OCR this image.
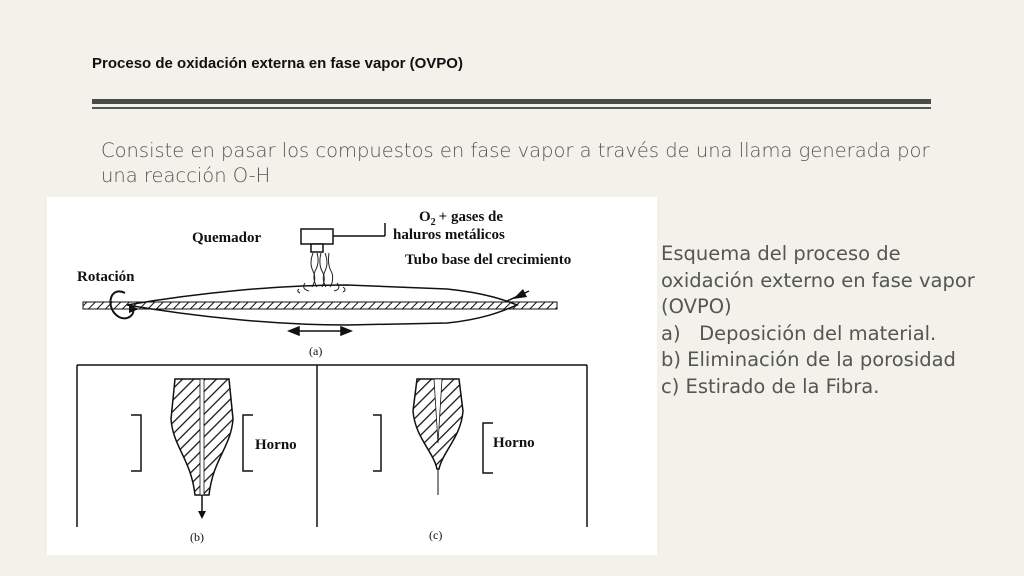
Proceso de oxidación externa en fase vapor (OVPO)
Consiste en pasar los compuestos en fase vapor a través de una llama generada por una reacción O-H
Quemador
$O_2$ + gases de
haluros metálicos
Tubo base del crecimiento
Rotación
(a)
Horno	Horno
(b)	(c)
Esquema del proceso de
oxidación externo en fase vapor
(OVPO)
a)   Deposición del material.
b) Eliminación de la porosidad
c) Estirado de la Fibra.
